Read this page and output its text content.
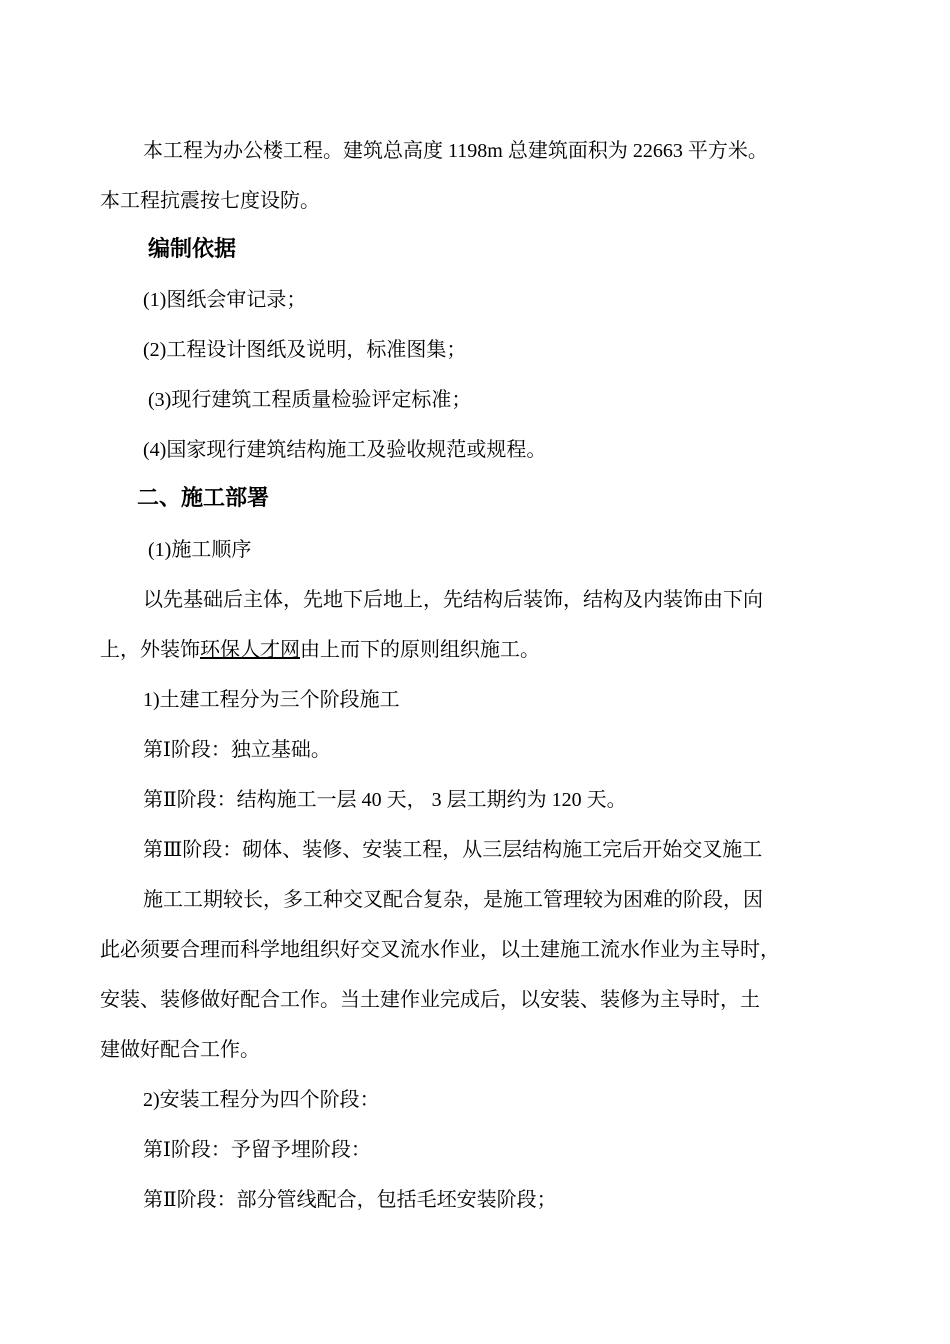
本工程为办公楼工程。建筑总高度 1198m 总建筑面积为 22663 平方米。
本工程抗震按七度设防。
编制依据
(1)图纸会审记录；
(2)工程设计图纸及说明，标准图集；
(3)现行建筑工程质量检验评定标准；
(4)国家现行建筑结构施工及验收规范或规程。
二、施工部署
(1)施工顺序
以先基础后主体，先地下后地上，先结构后装饰，结构及内装饰由下向
上，外装饰环保人才网由上而下的原则组织施工。
1)土建工程分为三个阶段施工
第Ⅰ阶段：独立基础。
第Ⅱ阶段：结构施工一层 40 天， 3 层工期约为 120 天。
第Ⅲ阶段：砌体、装修、安装工程，从三层结构施工完后开始交叉施工
施工工期较长，多工种交叉配合复杂，是施工管理较为困难的阶段，因
此必须要合理而科学地组织好交叉流水作业，以土建施工流水作业为主导时，
安装、装修做好配合工作。当土建作业完成后，以安装、装修为主导时，土
建做好配合工作。
2)安装工程分为四个阶段：
第Ⅰ阶段：予留予埋阶段：
第Ⅱ阶段：部分管线配合，包括毛坯安装阶段；
